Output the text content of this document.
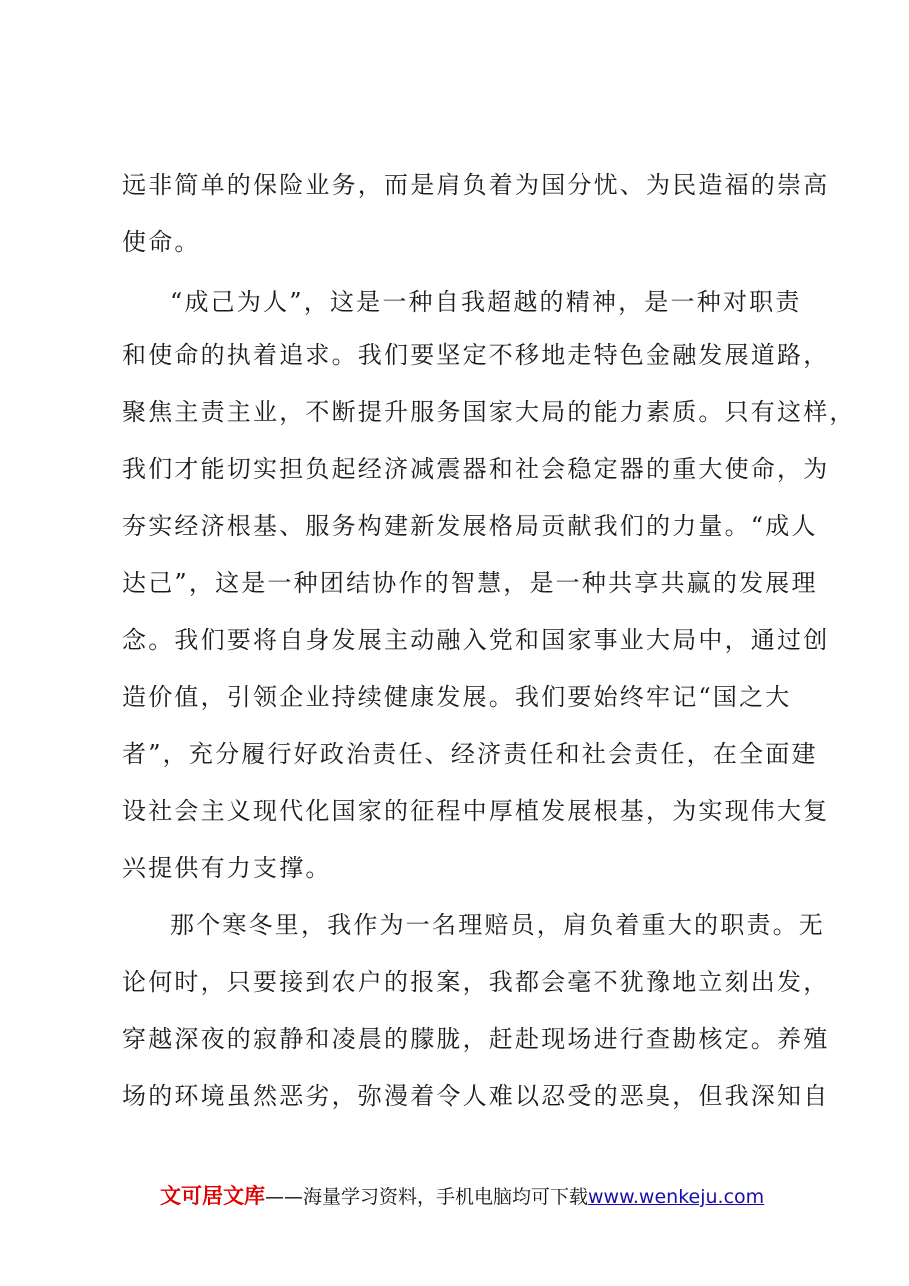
远非简单的保险业务，而是肩负着为国分忧、为民造福的崇高
使命。
“成己为人”，这是一种自我超越的精神，是一种对职责
和使命的执着追求。我们要坚定不移地走特色金融发展道路，
聚焦主责主业，不断提升服务国家大局的能力素质。只有这样，
我们才能切实担负起经济减震器和社会稳定器的重大使命，为
夯实经济根基、服务构建新发展格局贡献我们的力量。“成人
达己”，这是一种团结协作的智慧，是一种共享共赢的发展理
念。我们要将自身发展主动融入党和国家事业大局中，通过创
造价值，引领企业持续健康发展。我们要始终牢记“国之大
者”，充分履行好政治责任、经济责任和社会责任，在全面建
设社会主义现代化国家的征程中厚植发展根基，为实现伟大复
兴提供有力支撑。
那个寒冬里，我作为一名理赔员，肩负着重大的职责。无
论何时，只要接到农户的报案，我都会毫不犹豫地立刻出发，
穿越深夜的寂静和凌晨的朦胧，赶赴现场进行查勘核定。养殖
场的环境虽然恶劣，弥漫着令人难以忍受的恶臭，但我深知自
文可居文库——海量学习资料，手机电脑均可下载www.wenkeju.com
